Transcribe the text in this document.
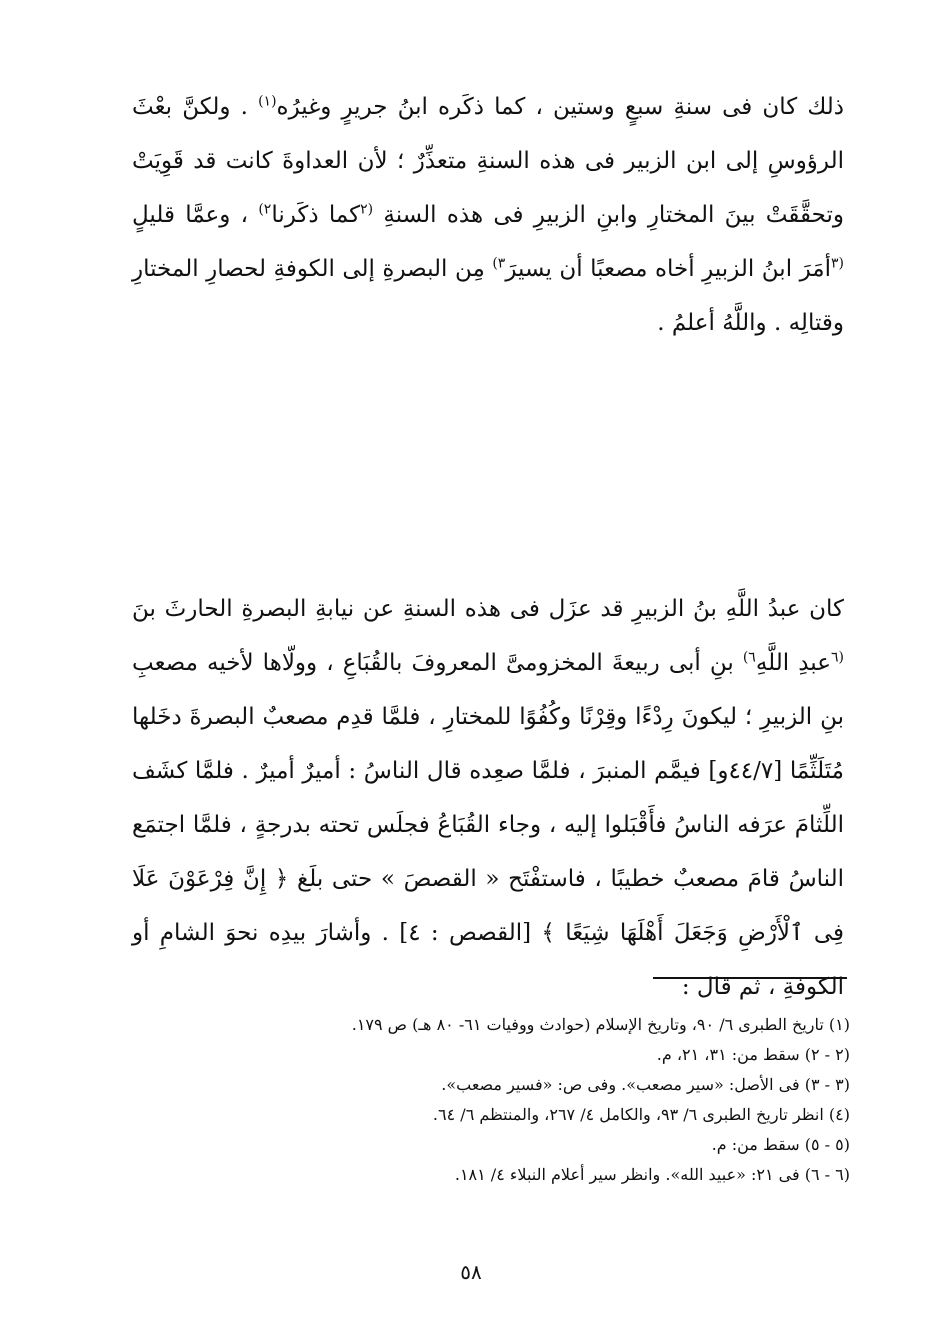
ذلك كان فى سنةِ سبعٍ وستين ، كما ذكَره ابنُ جريرٍ وغيرُه$^{(١)}$ . ولكنَّ بعْثَ الرؤوسِ إلى ابن الزبير فى هذه السنةِ متعذِّرٌ ؛ لأن العداوةَ كانت قد قَوِيَتْ وتحقَّقَتْ بينَ المختارِ وابنِ الزبيرِ فى هذه السنةِ $^{(٢}$كما ذكَرنا$^{٢)}$ ، وعمَّا قليلٍ $^{(٣}$أمَرَ ابنُ الزبيرِ أخاه مصعبًا أن يسيرَ$^{٣)}$ مِن البصرةِ إلى الكوفةِ لحصارِ المختارِ وقتالِه . واللَّهُ أعلمُ .

كان عبدُ اللَّهِ بنُ الزبيرِ قد عزَل فى هذه السنةِ عن نيابةِ البصرةِ الحارثَ بنَ $^{(٦}$عبدِ اللَّهِ$^{٦)}$ بنِ أبى ربيعةَ المخزومىَّ المعروفَ بالقُبَاعِ ، وولّاها لأخيه مصعبِ بنِ الزبيرِ ؛ ليكونَ رِدْءًا وقِرْنًا وكُفُوًا للمختارِ ، فلمَّا قدِم مصعبٌ البصرةَ دخَلها مُتَلَثِّمًا [٤٤/٧و] فيمَّم المنبرَ ، فلمَّا صعِده قال الناسُ : أميرٌ أميرٌ . فلمَّا كشَف اللِّثامَ عرَفه الناسُ فأَقْبَلوا إليه ، وجاء القُبَاعُ فجلَس تحته بدرجةٍ ، فلمَّا اجتمَع الناسُ قامَ مصعبٌ خطيبًا ، فاستفْتَح « القصصَ » حتى بلَغ ﴿ إِنَّ فِرْعَوْنَ عَلَا فِى ٱلْأَرْضِ وَجَعَلَ أَهْلَهَا شِيَعًا ﴾ [القصص : ٤] . وأشارَ بيدِه نحوَ الشامِ أو الكوفةِ ، ثم قال :

(١) تاريخ الطبرى ٦/ ٩٠، وتاريخ الإسلام (حوادث ووفيات ٦١- ٨٠ هـ) ص ١٧٩.
(٢ - ٢) سقط من: ٣١، ٢١، م.
(٣ - ٣) فى الأصل: «سير مصعب». وفى ص: «فسير مصعب».
(٤) انظر تاريخ الطبرى ٦/ ٩٣، والكامل ٤/ ٢٦٧، والمنتظم ٦/ ٦٤.
(٥ - ٥) سقط من: م.
(٦ - ٦) فى ٢١: «عبيد الله». وانظر سير أعلام النبلاء ٤/ ١٨١.
٥٨
